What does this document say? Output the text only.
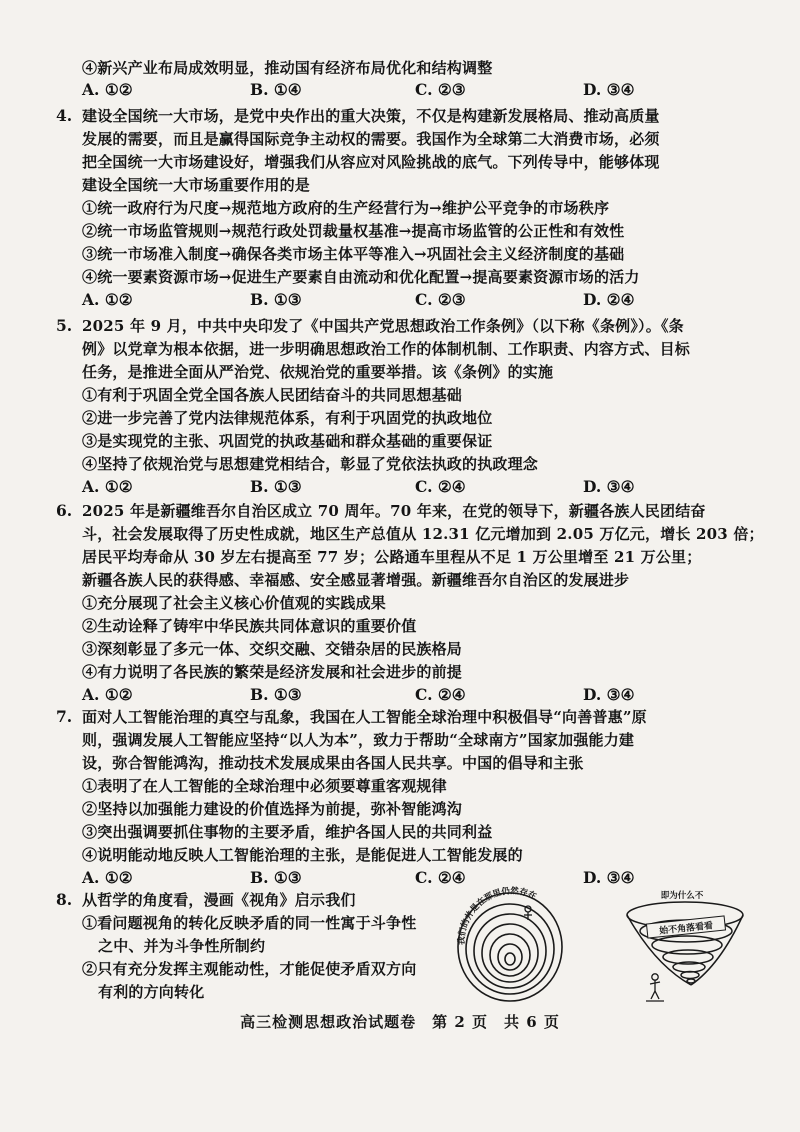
④新兴产业布局成效明显，推动国有经济布局优化和结构调整
A. ①②	B. ①④	C. ②③	D. ③④
4. 建设全国统一大市场，是党中央作出的重大决策，不仅是构建新发展格局、推动高质量
发展的需要，而且是赢得国际竞争主动权的需要。我国作为全球第二大消费市场，必须
把全国统一大市场建设好，增强我们从容应对风险挑战的底气。下列传导中，能够体现
建设全国统一大市场重要作用的是
①统一政府行为尺度→规范地方政府的生产经营行为→维护公平竞争的市场秩序
②统一市场监管规则→规范行政处罚裁量权基准→提高市场监管的公正性和有效性
③统一市场准入制度→确保各类市场主体平等准入→巩固社会主义经济制度的基础
④统一要素资源市场→促进生产要素自由流动和优化配置→提高要素资源市场的活力
A. ①②	B. ①③	C. ②③	D. ②④
5. 2025 年 9 月，中共中央印发了《中国共产党思想政治工作条例》（以下称《条例》）。《条
例》以党章为根本依据，进一步明确思想政治工作的体制机制、工作职责、内容方式、目标
任务，是推进全面从严治党、依规治党的重要举措。该《条例》的实施
①有利于巩固全党全国各族人民团结奋斗的共同思想基础
②进一步完善了党内法律规范体系，有利于巩固党的执政地位
③是实现党的主张、巩固党的执政基础和群众基础的重要保证
④坚持了依规治党与思想建党相结合，彰显了党依法执政的执政理念
A. ①②	B. ①③	C. ②④	D. ③④
6. 2025 年是新疆维吾尔自治区成立 70 周年。70 年来，在党的领导下，新疆各族人民团结奋
斗，社会发展取得了历史性成就，地区生产总值从 12.31 亿元增加到 2.05 万亿元，增长 203 倍；
居民平均寿命从 30 岁左右提高至 77 岁；公路通车里程从不足 1 万公里增至 21 万公里；
新疆各族人民的获得感、幸福感、安全感显著增强。新疆维吾尔自治区的发展进步
①充分展现了社会主义核心价值观的实践成果
②生动诠释了铸牢中华民族共同体意识的重要价值
③深刻彰显了多元一体、交织交融、交错杂居的民族格局
④有力说明了各民族的繁荣是经济发展和社会进步的前提
A. ①②	B. ①③	C. ②④	D. ③④
7. 面对人工智能治理的真空与乱象，我国在人工智能全球治理中积极倡导“向善普惠”原
则，强调发展人工智能应坚持“以人为本”，致力于帮助“全球南方”国家加强能力建
设，弥合智能鸿沟，推动技术发展成果由各国人民共享。中国的倡导和主张
①表明了在人工智能的全球治理中必须要尊重客观规律
②坚持以加强能力建设的价值选择为前提，弥补智能鸿沟
③突出强调要抓住事物的主要矛盾，维护各国人民的共同利益
④说明能动地反映人工智能治理的主张，是能促进人工智能发展的
A. ①②	B. ①③	C. ②④	D. ③④
8. 从哲学的角度看，漫画《视角》启示我们
①看问题视角的转化反映矛盾的同一性寓于斗争性
之中、并为斗争性所制约
②只有充分发挥主观能动性，才能促使矛盾双方向
有利的方向转化
我们的井是在那里仍然存在
始不角落看看
即为什么不
高三检测思想政治试题卷　第 2 页　共 6 页
